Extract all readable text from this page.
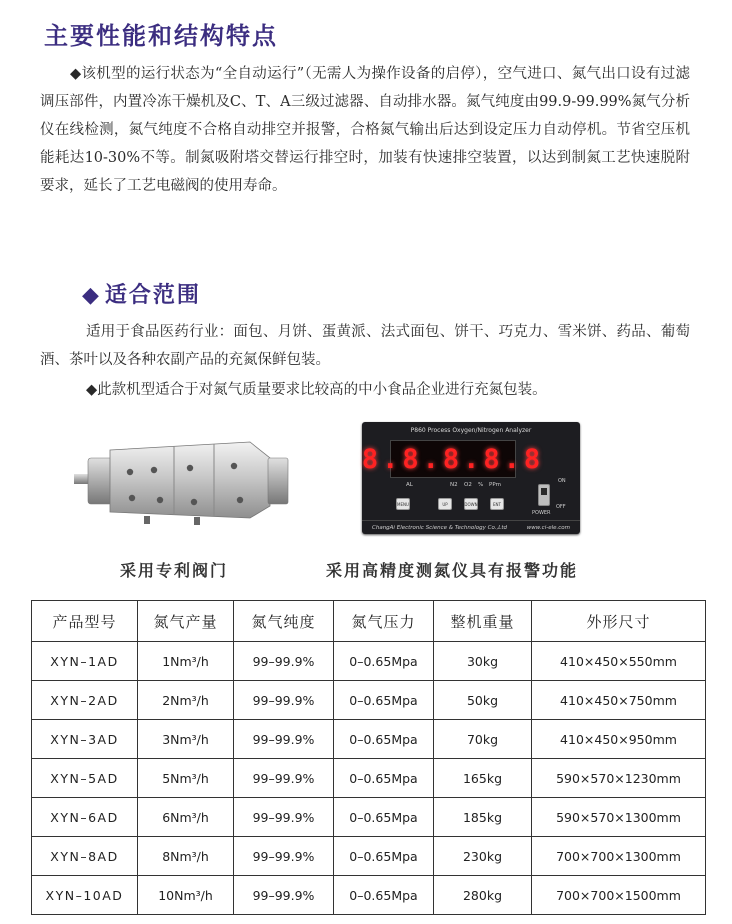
主要性能和结构特点

◆该机型的运行状态为“全自动运行”（无需人为操作设备的启停），空气进口、氮气出口设有过滤调压部件，内置冷冻干燥机及C、T、A三级过滤器、自动排水器。氮气纯度由99.9-99.99%氮气分析仪在线检测，氮气纯度不合格自动排空并报警，合格氮气输出后达到设定压力自动停机。节省空压机能耗达10-30%不等。制氮吸附塔交替运行排空时，加装有快速排空装置，以达到制氮工艺快速脱附要求，延长了工艺电磁阀的使用寿命。

◆ 适合范围

适用于食品医药行业：面包、月饼、蛋黄派、法式面包、饼干、巧克力、雪米饼、药品、葡萄酒、茶叶以及各种农副产品的充氮保鲜包装。

◆此款机型适合于对氮气质量要求比较高的中小食品企业进行充氮包装。

P860 Process Oxygen/Nitrogen Analyzer
8.8.8.8.8
AL	N2 O2 % PPm
MENU	UP	DOWN	ENT
ON
OFF
POWER
ChangAi Electronic Science & Technology Co.,Ltd	www.ci-ele.com

采用专利阀门	采用高精度测氮仪具有报警功能

产品型号	氮气产量	氮气纯度	氮气压力	整机重量	外形尺寸
XYN–1AD	1Nm³/h	99–99.9%	0–0.65Mpa	30kg	410×450×550mm
XYN–2AD	2Nm³/h	99–99.9%	0–0.65Mpa	50kg	410×450×750mm
XYN–3AD	3Nm³/h	99–99.9%	0–0.65Mpa	70kg	410×450×950mm
XYN–5AD	5Nm³/h	99–99.9%	0–0.65Mpa	165kg	590×570×1230mm
XYN–6AD	6Nm³/h	99–99.9%	0–0.65Mpa	185kg	590×570×1300mm
XYN–8AD	8Nm³/h	99–99.9%	0–0.65Mpa	230kg	700×700×1300mm
XYN–10AD	10Nm³/h	99–99.9%	0–0.65Mpa	280kg	700×700×1500mm
